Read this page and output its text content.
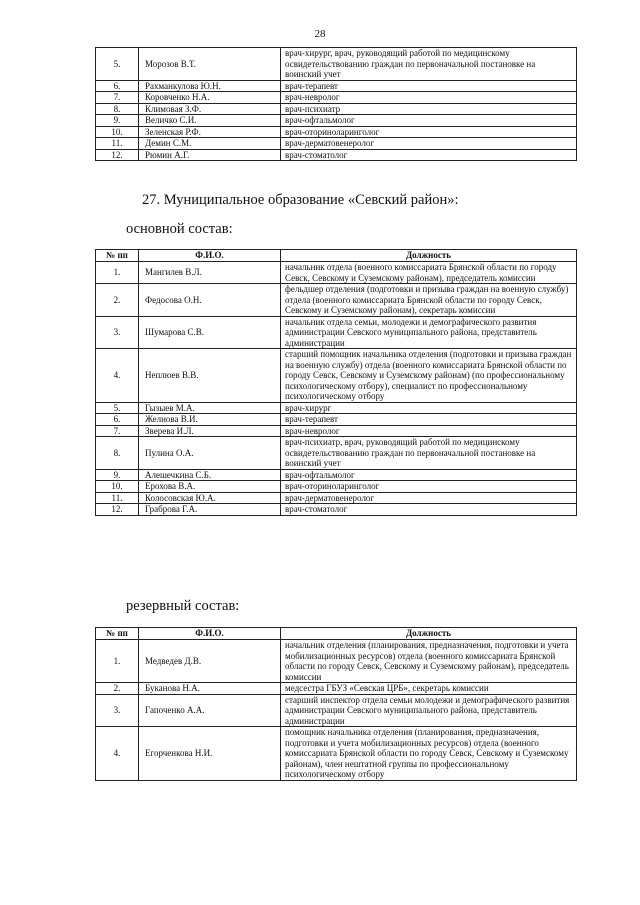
28
5.	Морозов В.Т.	врач-хирург, врач, руководящий работой по медицинскому освидетельствованию граждан по первоначальной постановке на воинский учет
6.	Рахманкулова Ю.Н.	врач-терапевт
7.	Коровченко Н.А.	врач-невролог
8.	Климовая З.Ф.	врач-психиатр
9.	Величко С.И.	врач-офтальмолог
10.	Зеленская Р.Ф.	врач-оториноларинголог
11.	Демин С.М.	врач-дерматовенеролог
12.	Рюмин А.Г.	врач-стоматолог
27. Муниципальное образование «Севский район»:
основной состав:
№ пп	Ф.И.О.	Должность
1.	Мангилев В.Л.	начальник отдела (военного комиссариата Брянской области по городу Севск, Севскому и Суземскому районам), председатель комиссии
2.	Федосова О.Н.	фельдшер отделения (подготовки и призыва граждан на военную службу) отдела (военного комиссариата Брянской области по городу Севск, Севскому и Суземскому районам), секретарь комиссии
3.	Шумарова С.В.	начальник отдела семьи, молодежи и демографического развития администрации Севского муниципального района, представитель администрации
4.	Неплюев В.В.	старший помощник начальника отделения (подготовки и призыва граждан на военную службу) отдела (военного комиссариата Брянской области по городу Севск, Севскому и Суземскому районам) (по профессиональному психологическому отбору), специалист по профессиональному психологическому отбору
5.	Гызыев М.А.	врач-хирург
6.	Желнова В.И.	врач-терапевт
7.	Зверева И.Л.	врач-невролог
8.	Пулина О.А.	врач-психиатр, врач, руководящий работой по медицинскому освидетельствованию граждан по первоначальной постановке на воинский учет
9.	Алешечкина С.Б.	врач-офтальмолог
10.	Ерохова В.А.	врач-оториноларинголог
11.	Колосовская Ю.А.	врач-дерматовенеролог
12.	Граброва Г.А.	врач-стоматолог
резервный состав:
№ пп	Ф.И.О.	Должность
1.	Медведев Д.В.	начальник отделения (планирования, предназначения, подготовки и учета мобилизационных ресурсов) отдела (военного комиссариата Брянской области по городу Севск, Севскому и Суземскому районам), председатель комиссии
2.	Буканова Н.А.	медсестра ГБУЗ «Севская ЦРБ», секретарь комиссии
3.	Гапоченко А.А.	старший инспектор отдела семьи молодежи и демографического развития администрации Севского муниципального района, представитель администрации
4.	Егорченкова Н.И.	помощник начальника отделения (планирования, предназначения, подготовки и учета мобилизационных ресурсов) отдела (военного комиссариата Брянской области по городу Севск, Севскому и Суземскому районам), член нештатной группы по профессиональному психологическому отбору
